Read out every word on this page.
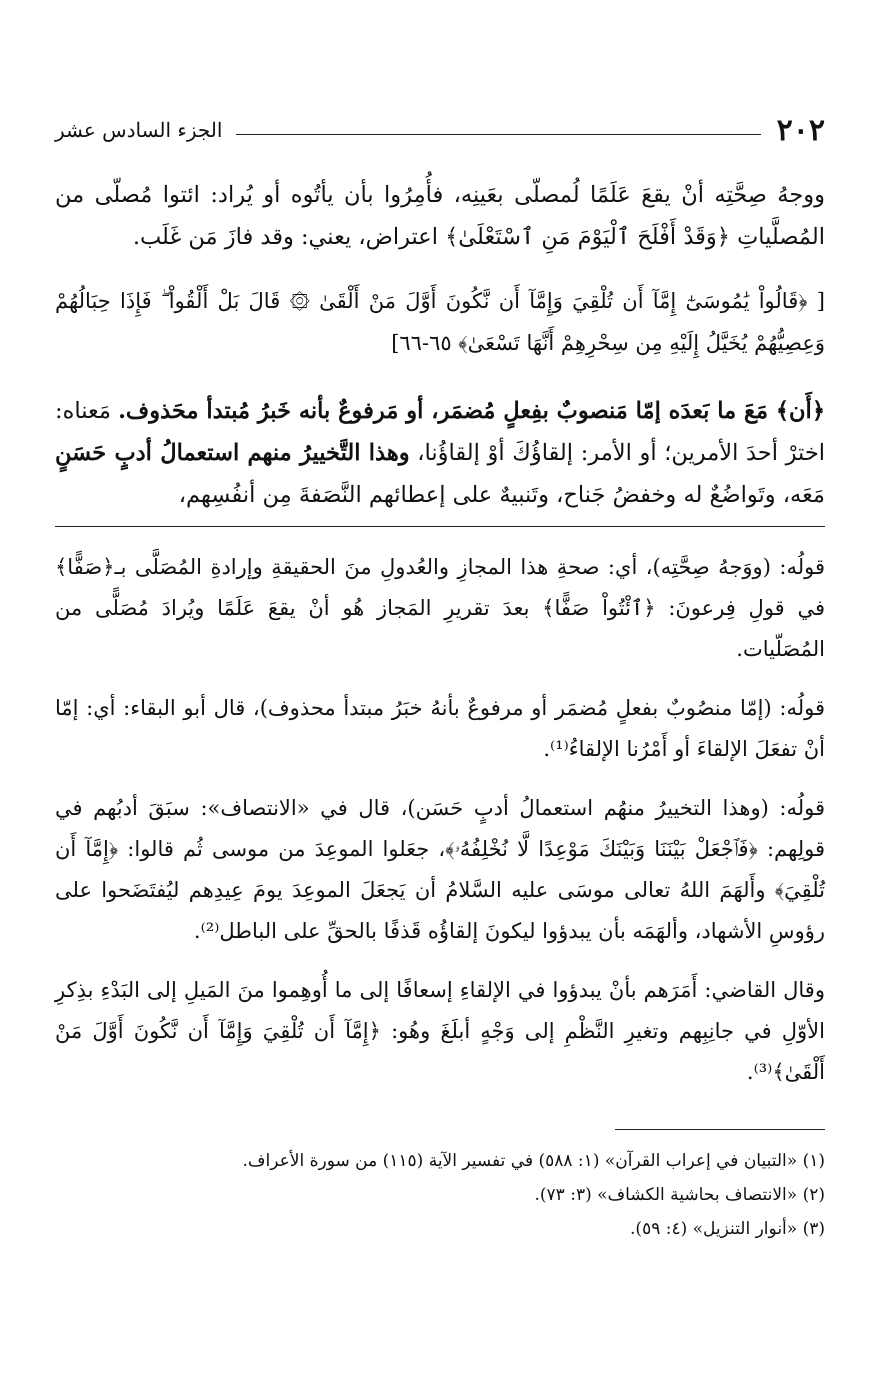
٢٠٢
الجزء السادس عشر

ووجهُ صِحَّتِه أنْ يقعَ عَلَمًا لُمصلّى بعَينِه، فأُمِرُوا بأن يأتُوه أو يُراد: ائتوا مُصلّى من المُصلَّياتِ ﴿وَقَدْ أَفْلَحَ ٱلْيَوْمَ مَنِ ٱسْتَعْلَىٰ﴾ اعتراض، يعني: وقد فازَ مَن غَلَب.

[ ﴿قَالُواْ يَٰمُوسَىٰٓ إِمَّآ أَن تُلْقِيَ وَإِمَّآ أَن نَّكُونَ أَوَّلَ مَنْ أَلْقَىٰ ۞ قَالَ بَلْ أَلْقُواْ ۖ فَإِذَا حِبَالُهُمْ وَعِصِيُّهُمْ يُخَيَّلُ إِلَيْهِ مِن سِحْرِهِمْ أَنَّهَا تَسْعَىٰ﴾ ٦٥-٦٦]

﴿أَن﴾ مَعَ ما بَعدَه إمّا مَنصوبٌ بفِعلٍ مُضمَر، أو مَرفوعٌ بأنه خَبرُ مُبتدأ محَذوف. مَعناه: اخترْ أحدَ الأمرين؛ أو الأمر: إلقاؤُكَ أوْ إلقاؤُنا، وهذا التَّخييرُ منهم استعمالُ أدبٍ حَسَنٍ مَعَه، وتَواضُعٌ له وخفضُ جَناح، وتَنبيهٌ على إعطائهم النَّصَفةَ مِن أنفُسِهم،

قولُه: (ووَجهُ صِحَّتِه)، أي: صحةِ هذا المجازِ والعُدولِ منَ الحقيقةِ وإرادةِ المُصَلَّى بـ﴿صَفًّا﴾ في قولِ فِرعونَ: ﴿ٱئْتُواْ صَفًّا﴾ بعدَ تقريرِ المَجاز هُو أنْ يقعَ عَلَمًا ويُرادَ مُصَلًّى من المُصَلّيات.

قولُه: (إمّا منصُوبٌ بفعلٍ مُضمَر أو مرفوعٌ بأنهُ خبَرُ مبتدأ محذوف)، قال أبو البقاء: أي: إمّا أنْ تفعَلَ الإلقاءَ أو أَمْرُنا الإلقاءُ⁽¹⁾.

قولُه: (وهذا التخييرُ منهُم استعمالُ أدبٍ حَسَن)، قال في «الانتصاف»: سبَقَ أدبُهم في قولِهم: ﴿فَٱجْعَلْ بَيْنَنَا وَبَيْنَكَ مَوْعِدًا لَّا نُخْلِفُهُۥ﴾، جعَلوا الموعِدَ من موسى ثُم قالوا: ﴿إِمَّآ أَن تُلْقِيَ﴾ وأَلهَمَ اللهُ تعالى موسَى عليه السَّلامُ أن يَجعَلَ الموعِدَ يومَ عِيدِهم ليُفتَضَحوا على رؤوسِ الأشهاد، وألهَمَه بأن يبدؤوا ليكونَ إلقاؤُه قَذفًا بالحقِّ على الباطل⁽²⁾.

وقال القاضي: أَمَرَهم بأنْ يبدؤوا في الإلقاءِ إسعافًا إلى ما أُوهِموا منَ المَيلِ إلى البَدْءِ بذِكرِ الأوّلِ في جانِبِهم وتغيرِ النَّظْمِ إلى وَجْهٍ أبلَغَ وهُو: ﴿إِمَّآ أَن تُلْقِيَ وَإِمَّآ أَن نَّكُونَ أَوَّلَ مَنْ أَلْقَىٰ﴾⁽³⁾.

(١) «التبيان في إعراب القرآن» (١: ٥٨٨) في تفسير الآية (١١٥) من سورة الأعراف.

(٢) «الانتصاف بحاشية الكشاف» (٣: ٧٣).

(٣) «أنوار التنزيل» (٤: ٥٩).
